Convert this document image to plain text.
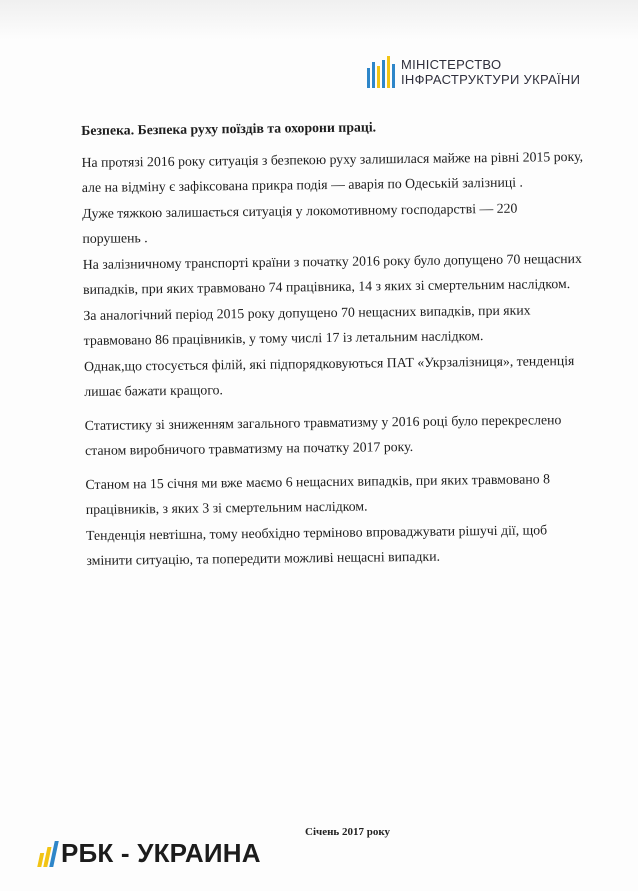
МІНІСТЕРСТВО
ІНФРАСТРУКТУРИ УКРАЇНИ

Безпека. Безпека руху поїздів та охорони праці.

На протязі 2016 року ситуація з безпекою руху залишилася майже на рівні 2015 року,

але на відміну є зафіксована прикра подія — аварія по Одеській залізниці .

Дуже тяжкою залишається ситуація у локомотивному господарстві — 220

порушень .

На залізничному транспорті країни з початку 2016 року було допущено 70 нещасних

випадків, при яких травмовано 74 працівника, 14 з яких зі смертельним наслідком.

За аналогічний період 2015 року допущено 70 нещасних випадків, при яких

травмовано 86 працівників, у тому числі 17 із летальним наслідком.

Однак,що стосується філій, які підпорядковуються ПАТ «Укрзалізниця», тенденція

лишає бажати кращого.

Статистику зі зниженням загального травматизму у 2016 році було перекреслено

станом виробничого травматизму на початку 2017 року.

Станом на 15 січня ми вже маємо 6 нещасних випадків, при яких травмовано 8

працівників, з яких 3 зі смертельним наслідком.

Тенденція невтішна, тому необхідно терміново впроваджувати рішучі дії, щоб

змінити ситуацію, та попередити можливі нещасні випадки.

Січень 2017 року
РБК - УКРАИНА
